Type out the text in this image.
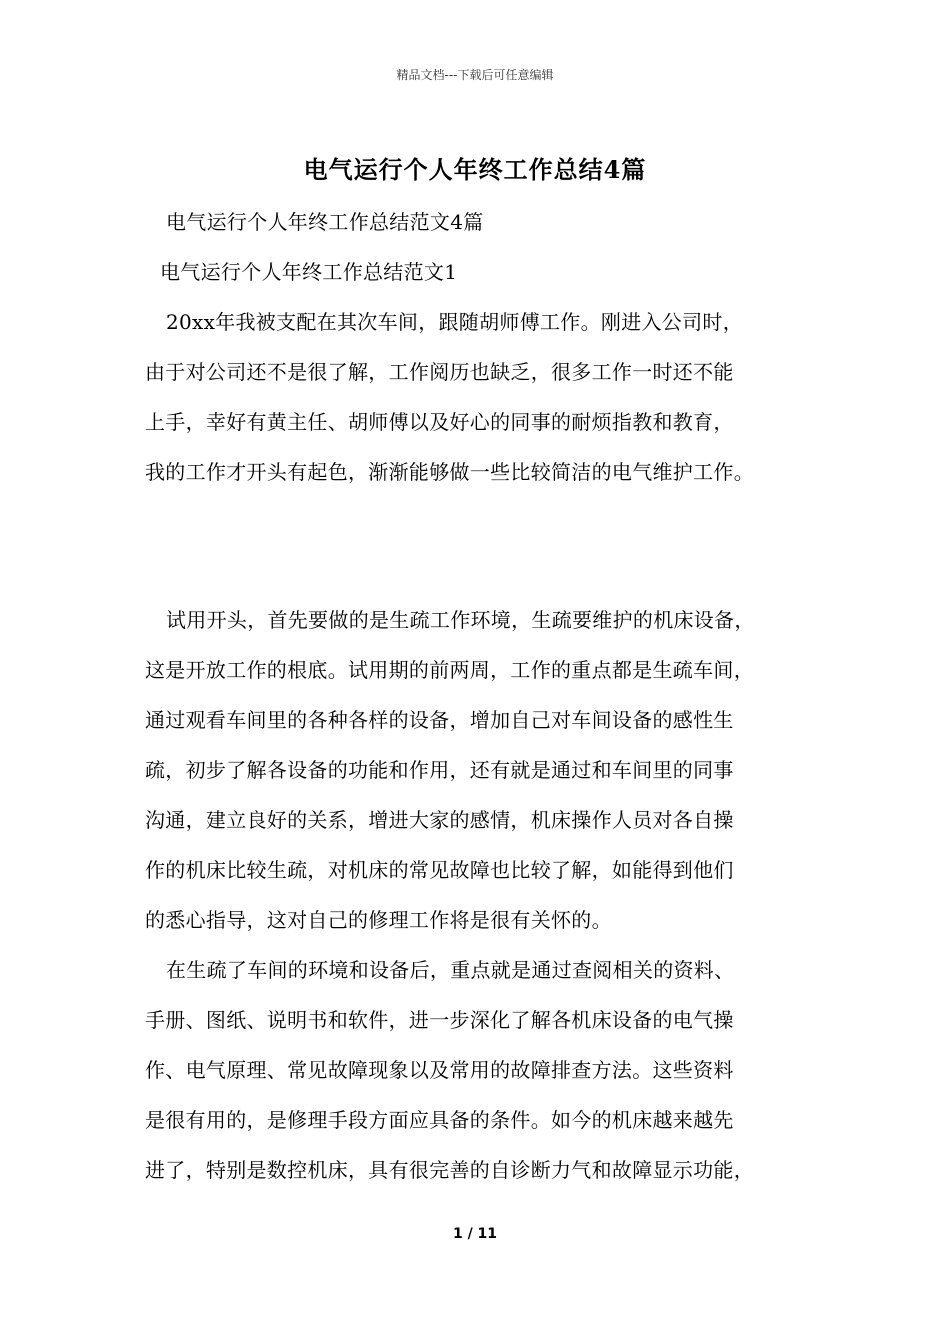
精品文档---下载后可任意编辑
电气运行个人年终工作总结4篇
电气运行个人年终工作总结范文4篇
电气运行个人年终工作总结范文1
20xx年我被支配在其次车间，跟随胡师傅工作。刚进入公司时，
由于对公司还不是很了解，工作阅历也缺乏，很多工作一时还不能
上手，幸好有黄主任、胡师傅以及好心的同事的耐烦指教和教育，
我的工作才开头有起色，渐渐能够做一些比较简洁的电气维护工作。
试用开头，首先要做的是生疏工作环境，生疏要维护的机床设备，
这是开放工作的根底。试用期的前两周，工作的重点都是生疏车间，
通过观看车间里的各种各样的设备，增加自己对车间设备的感性生
疏，初步了解各设备的功能和作用，还有就是通过和车间里的同事
沟通，建立良好的关系，增进大家的感情，机床操作人员对各自操
作的机床比较生疏，对机床的常见故障也比较了解，如能得到他们
的悉心指导，这对自己的修理工作将是很有关怀的。
在生疏了车间的环境和设备后，重点就是通过查阅相关的资料、
手册、图纸、说明书和软件，进一步深化了解各机床设备的电气操
作、电气原理、常见故障现象以及常用的故障排查方法。这些资料
是很有用的，是修理手段方面应具备的条件。如今的机床越来越先
进了，特别是数控机床，具有很完善的自诊断力气和故障显示功能，
1 / 11
